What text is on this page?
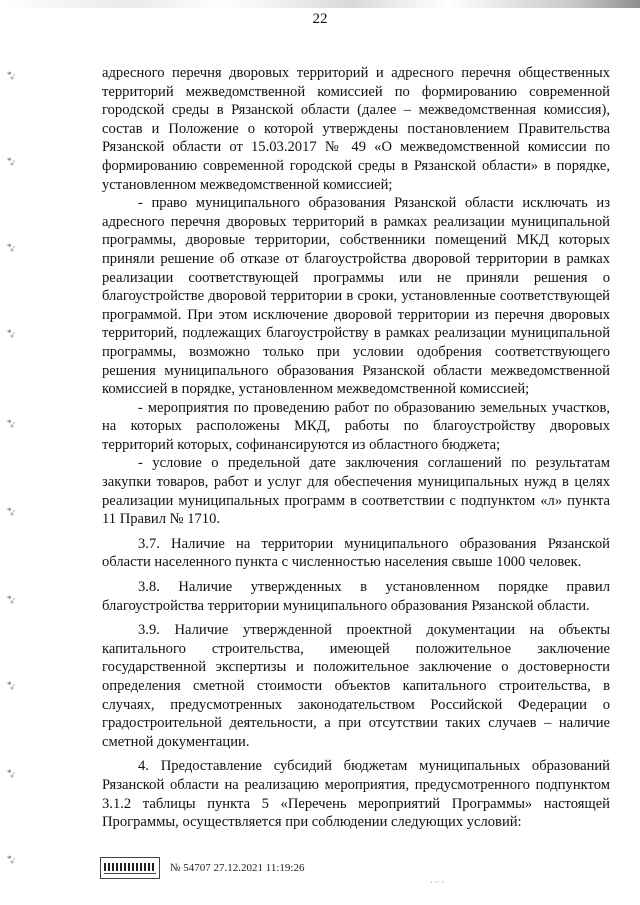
22
*ᵩ·
*ᵩ·
*ᵩ·
*ᵩ·
*ᵩ·
*ᵩ·
*ᵩ·
*ᵩ·
*ᵩ·
*ᵩ·

адресного перечня дворовых территорий и адресного перечня общественных территорий межведомственной комиссией по формированию современной городской среды в Рязанской области (далее – межведомственная комиссия), состав и Положение о которой утверждены постановлением Правительства Рязанской области от 15.03.2017 № 49 «О межведомственной комиссии по формированию современной городской среды в Рязанской области» в порядке, установленном межведомственной комиссией;

- право муниципального образования Рязанской области исключать из адресного перечня дворовых территорий в рамках реализации муниципальной программы, дворовые территории, собственники помещений МКД которых приняли решение об отказе от благоустройства дворовой территории в рамках реализации соответствующей программы или не приняли решения о благоустройстве дворовой территории в сроки, установленные соответствующей программой. При этом исключение дворовой территории из перечня дворовых территорий, подлежащих благоустройству в рамках реализации муниципальной программы, возможно только при условии одобрения соответствующего решения муниципального образования Рязанской области межведомственной комиссией в порядке, установленном межведомственной комиссией;

- мероприятия по проведению работ по образованию земельных участков, на которых расположены МКД, работы по благоустройству дворовых территорий которых, софинансируются из областного бюджета;

- условие о предельной дате заключения соглашений по результатам закупки товаров, работ и услуг для обеспечения муниципальных нужд в целях реализации муниципальных программ в соответствии с подпунктом «л» пункта 11 Правил № 1710.

3.7. Наличие на территории муниципального образования Рязанской области населенного пункта с численностью населения свыше 1000 человек.

3.8. Наличие утвержденных в установленном порядке правил благоустройства территории муниципального образования Рязанской области.

3.9. Наличие утвержденной проектной документации на объекты капитального строительства, имеющей положительное заключение государственной экспертизы и положительное заключение о достоверности определения сметной стоимости объектов капитального строительства, в случаях, предусмотренных законодательством Российской Федерации о градостроительной деятельности, а при отсутствии таких случаев – наличие сметной документации.

4. Предоставление субсидий бюджетам муниципальных образований Рязанской области на реализацию мероприятия, предусмотренного подпунктом 3.1.2 таблицы пункта 5 «Перечень мероприятий Программы» настоящей Программы, осуществляется при соблюдении следующих условий:

№ 54707 27.12.2021 11:19:26
· ·ˑ ·
